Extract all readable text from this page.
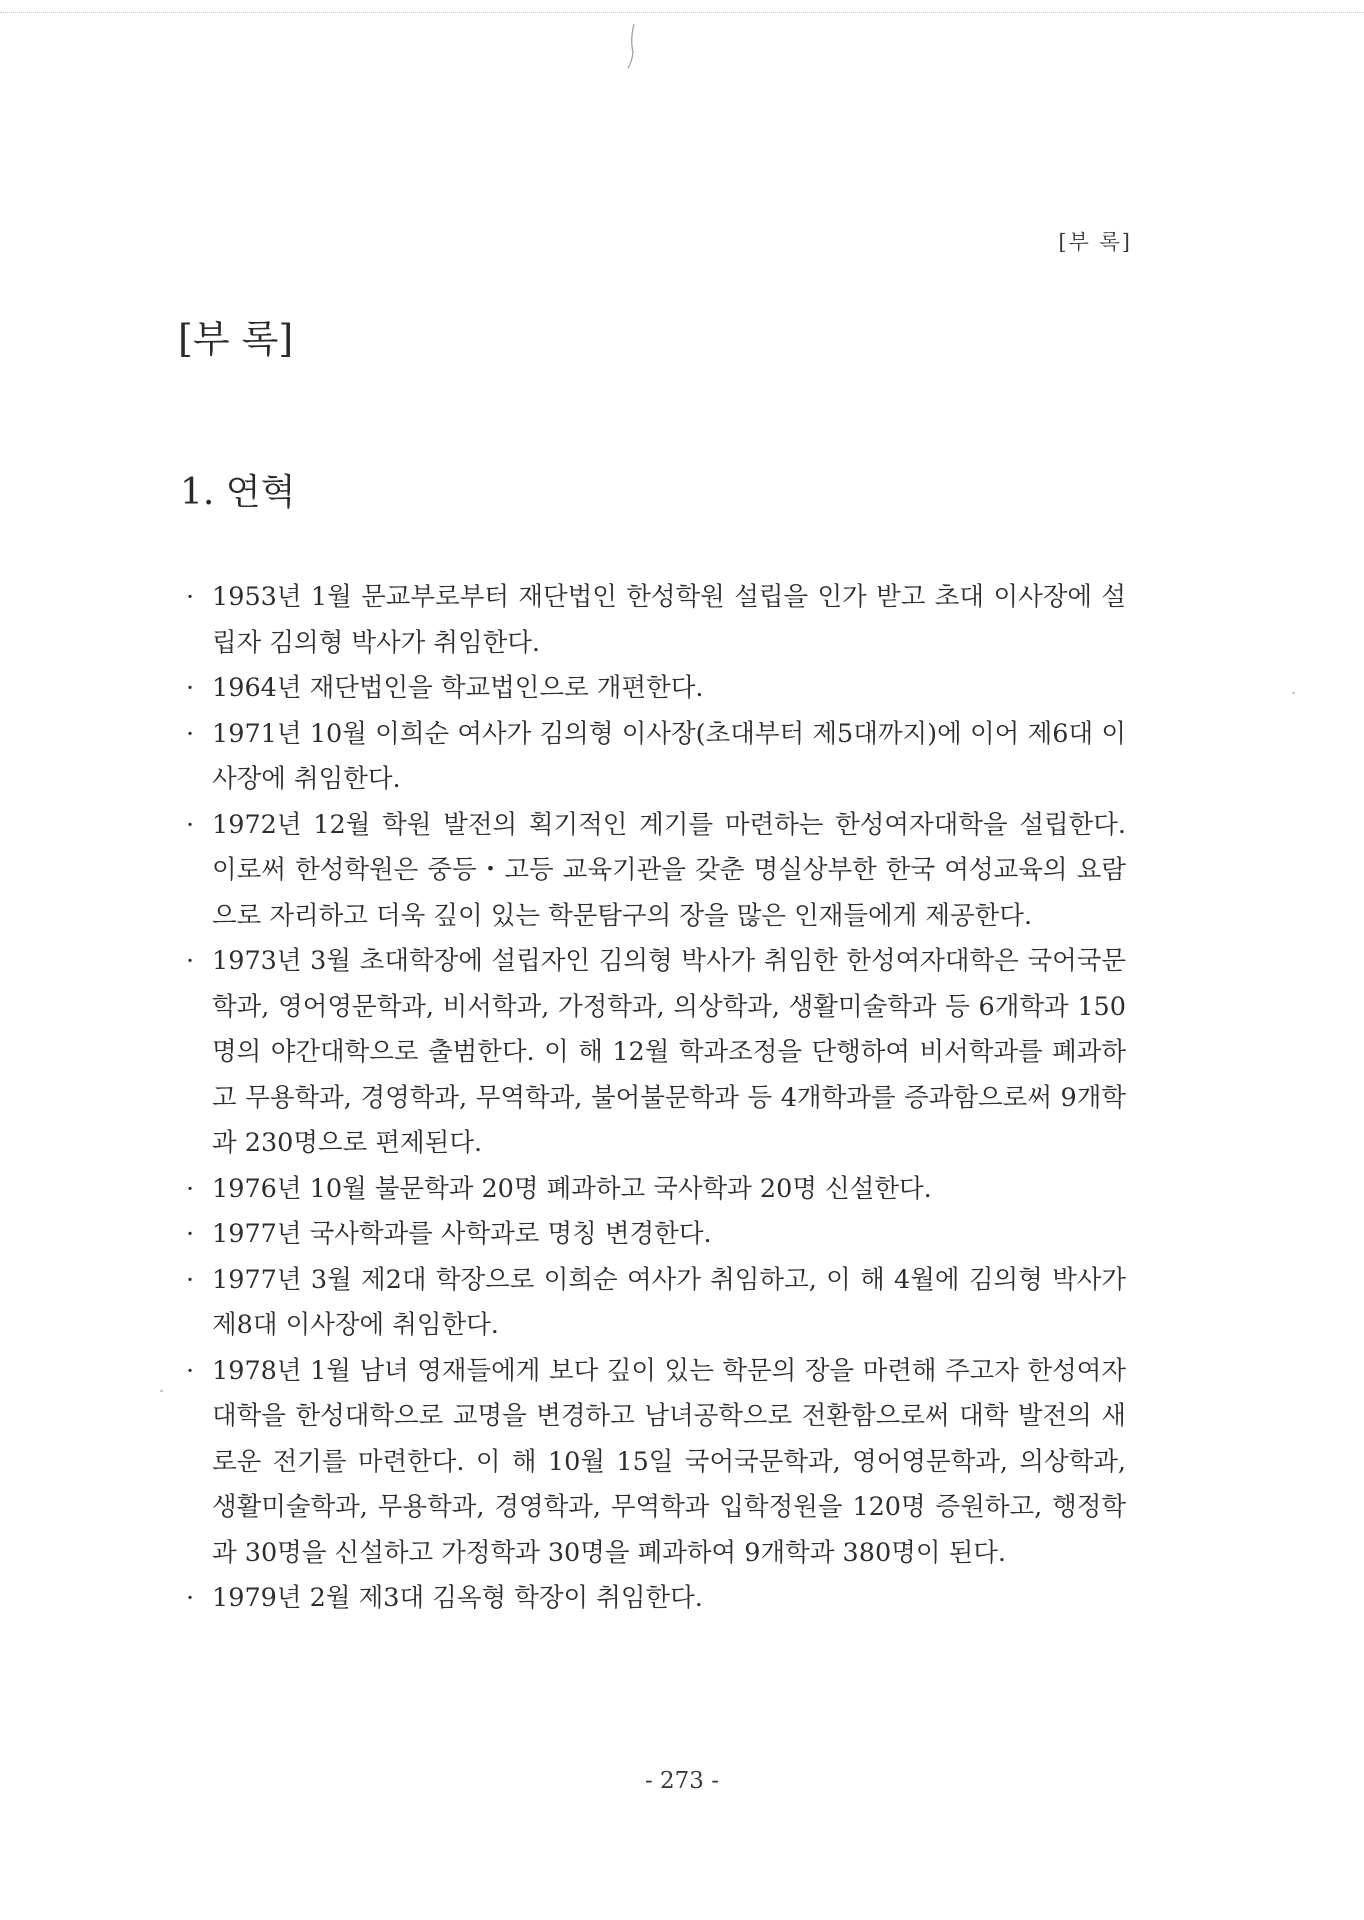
[부 록]
[부 록]
1. 연혁
· 1953년 1월 문교부로부터 재단법인 한성학원 설립을 인가 받고 초대 이사장에 설립자 김의형 박사가 취임한다.
· 1964년 재단법인을 학교법인으로 개편한다.
· 1971년 10월 이희순 여사가 김의형 이사장(초대부터 제5대까지)에 이어 제6대 이사장에 취임한다.
· 1972년 12월 학원 발전의 획기적인 계기를 마련하는 한성여자대학을 설립한다. 이로써 한성학원은 중등・고등 교육기관을 갖춘 명실상부한 한국 여성교육의 요람으로 자리하고 더욱 깊이 있는 학문탐구의 장을 많은 인재들에게 제공한다.
· 1973년 3월 초대학장에 설립자인 김의형 박사가 취임한 한성여자대학은 국어국문학과, 영어영문학과, 비서학과, 가정학과, 의상학과, 생활미술학과 등 6개학과 150명의 야간대학으로 출범한다. 이 해 12월 학과조정을 단행하여 비서학과를 폐과하고 무용학과, 경영학과, 무역학과, 불어불문학과 등 4개학과를 증과함으로써 9개학과 230명으로 편제된다.
· 1976년 10월 불문학과 20명 폐과하고 국사학과 20명 신설한다.
· 1977년 국사학과를 사학과로 명칭 변경한다.
· 1977년 3월 제2대 학장으로 이희순 여사가 취임하고, 이 해 4월에 김의형 박사가 제8대 이사장에 취임한다.
· 1978년 1월 남녀 영재들에게 보다 깊이 있는 학문의 장을 마련해 주고자 한성여자대학을 한성대학으로 교명을 변경하고 남녀공학으로 전환함으로써 대학 발전의 새로운 전기를 마련한다. 이 해 10월 15일 국어국문학과, 영어영문학과, 의상학과, 생활미술학과, 무용학과, 경영학과, 무역학과 입학정원을 120명 증원하고, 행정학과 30명을 신설하고 가정학과 30명을 폐과하여 9개학과 380명이 된다.
· 1979년 2월 제3대 김옥형 학장이 취임한다.
- 273 -
